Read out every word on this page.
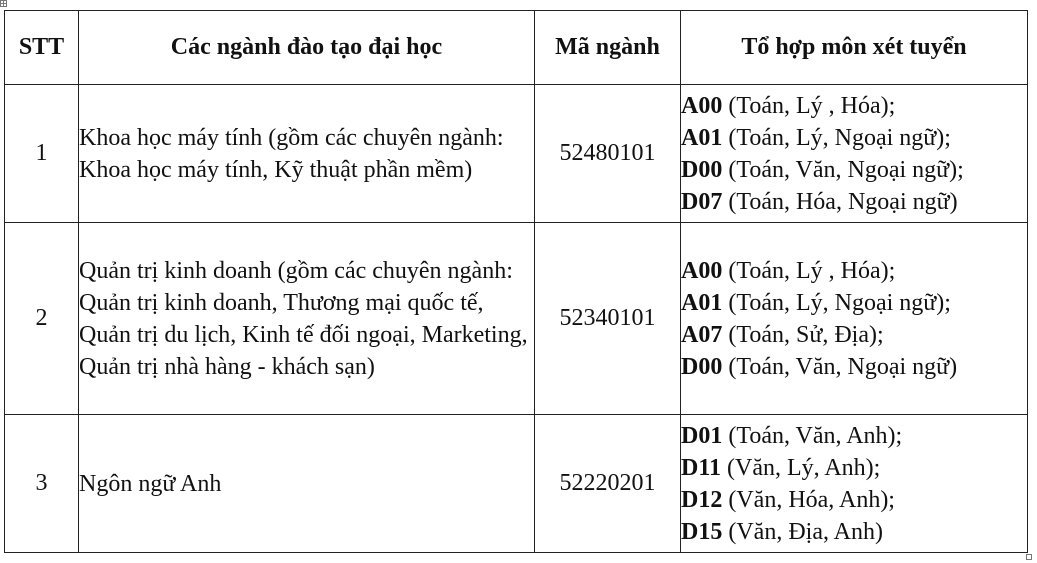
STT	Các ngành đào tạo đại học	Mã ngành	Tổ hợp môn xét tuyển
1	Khoa học máy tính (gồm các chuyên ngành: Khoa học máy tính, Kỹ thuật phần mềm)	52480101	A00 (Toán, Lý , Hóa);
A01 (Toán, Lý, Ngoại ngữ);
D00 (Toán, Văn, Ngoại ngữ);
D07 (Toán, Hóa, Ngoại ngữ)

2	Quản trị kinh doanh (gồm các chuyên ngành: Quản trị kinh doanh, Thương mại quốc tế, Quản trị du lịch, Kinh tế đối ngoại, Marketing, Quản trị nhà hàng - khách sạn)	52340101	A00 (Toán, Lý , Hóa);
A01 (Toán, Lý, Ngoại ngữ);
A07 (Toán, Sử, Địa);
D00 (Toán, Văn, Ngoại ngữ)

3	Ngôn ngữ Anh	52220201	D01 (Toán, Văn, Anh);
D11 (Văn, Lý, Anh);
D12 (Văn, Hóa, Anh);
D15 (Văn, Địa, Anh)
